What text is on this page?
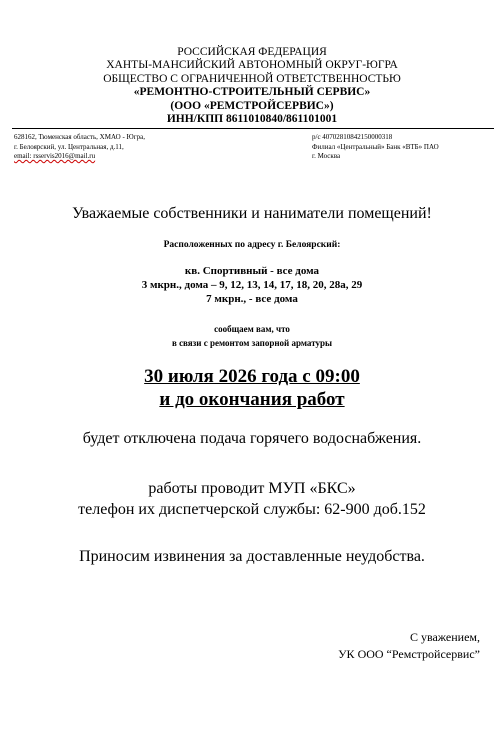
РОССИЙСКАЯ ФЕДЕРАЦИЯ
ХАНТЫ-МАНСИЙСКИЙ АВТОНОМНЫЙ ОКРУГ-ЮГРА
ОБЩЕСТВО С ОГРАНИЧЕННОЙ ОТВЕТСТВЕННОСТЬЮ
«РЕМОНТНО-СТРОИТЕЛЬНЫЙ СЕРВИС»
(ООО «РЕМСТРОЙСЕРВИС»)
ИНН/КПП 8611010840/861101001
628162, Тюменская область, ХМАО - Югра,
г. Белоярский, ул. Центральная, д.11,
email: rsservis2016@mail.ru
р/с 40702810842150000318
Филиал «Центральный» Банк «ВТБ» ПАО
г. Москва
Уважаемые собственники и наниматели помещений!
Расположенных по адресу г. Белоярский:
кв. Спортивный - все дома
3 мкрн., дома – 9, 12, 13, 14, 17, 18, 20, 28а, 29
7 мкрн., - все дома
сообщаем вам, что
в связи с ремонтом запорной арматуры
30 июля 2026 года с 09:00
и до окончания работ
будет отключена подача горячего водоснабжения.
работы проводит МУП «БКС»
телефон их диспетчерской службы: 62-900 доб.152
Приносим извинения за доставленные неудобства.
С уважением,
УК ООО “Ремстройсервис”
